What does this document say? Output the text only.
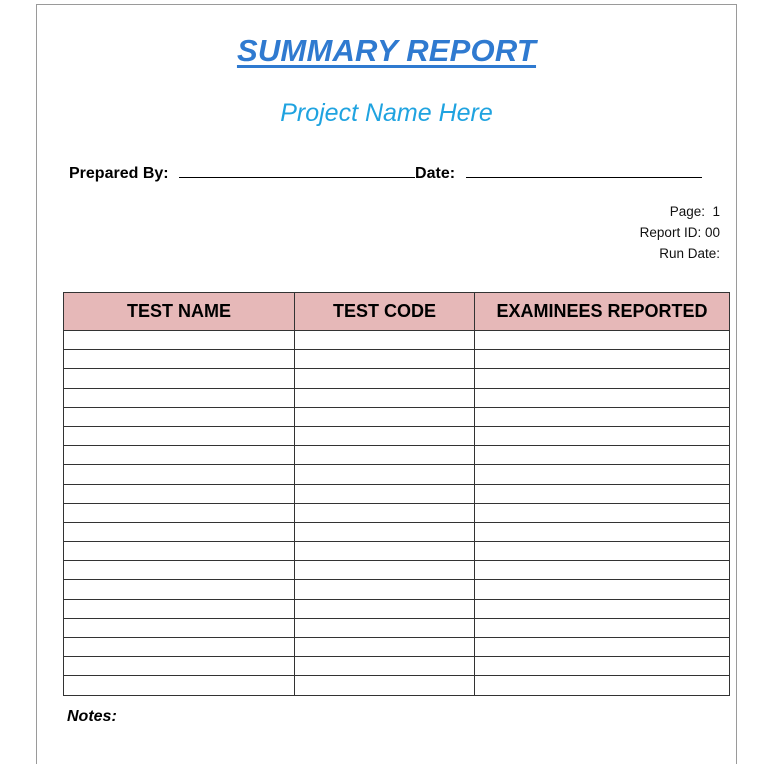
SUMMARY REPORT
Project Name Here
Prepared By:	Date:
Page: 1
Report ID: 00
Run Date:
TEST NAME	TEST CODE	EXAMINEES REPORTED

Notes:
